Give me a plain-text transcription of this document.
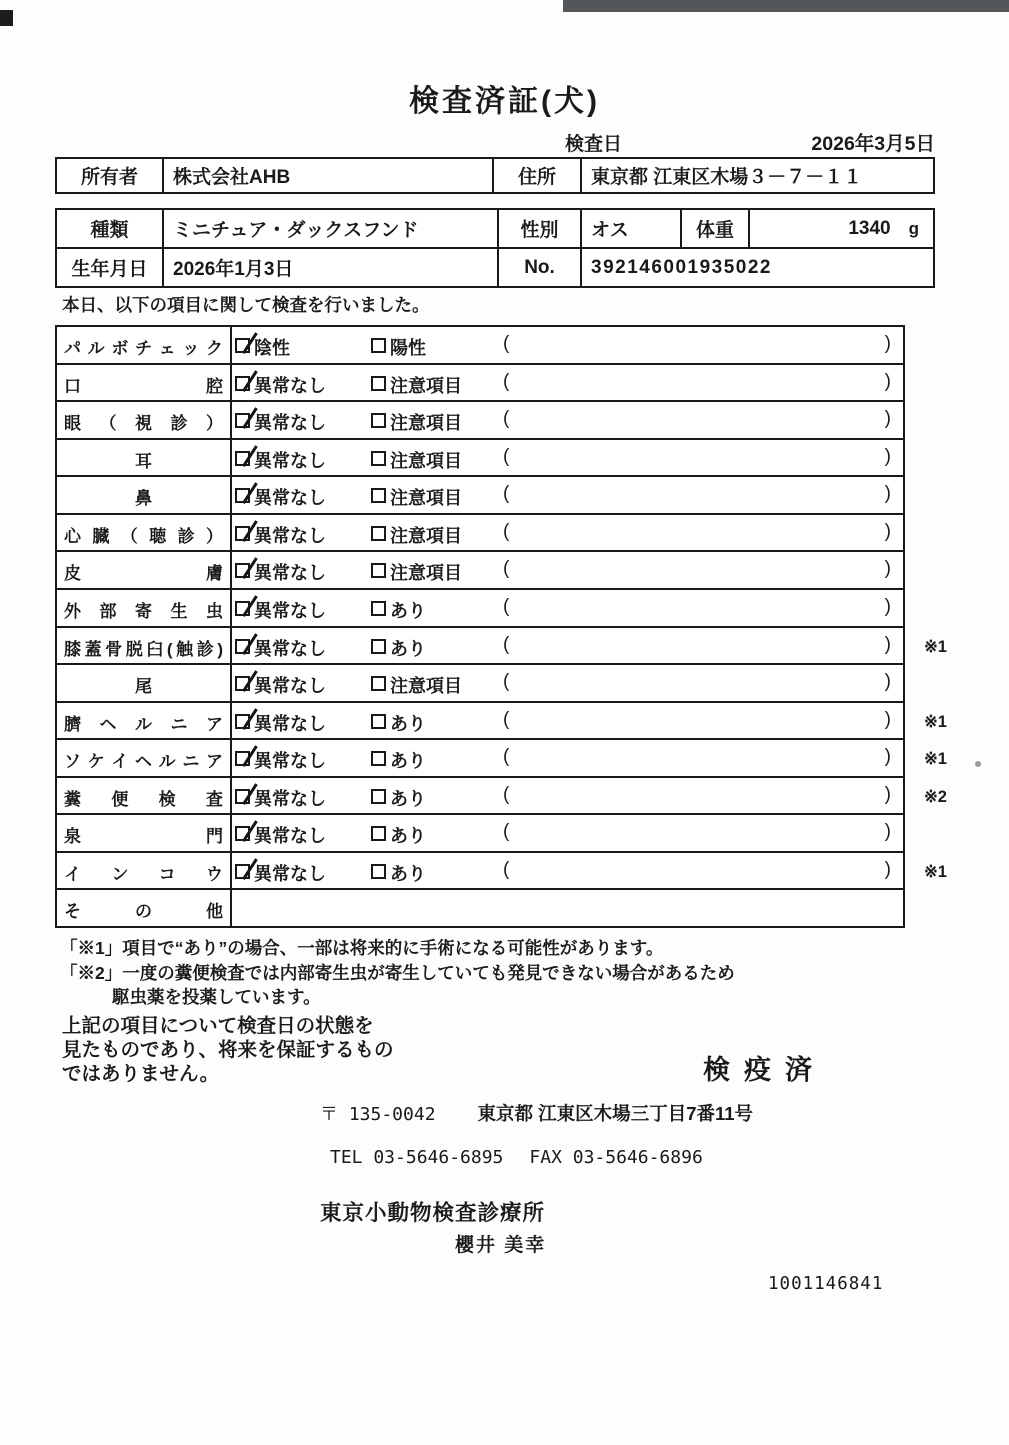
検査済証(犬)
検査日	2026年3月5日
所有者	株式会社AHB	住所	東京都 江東区木場３－７－１１
種類	ミニチュア・ダックスフンド	性別	オス	体重	1340 g
生年月日	2026年1月3日	No.	392146001935022
本日、以下の項目に関して検査を行いました。
パ ル ボ チ ェ ッ ク	陰性	陽性	(	)
口 腔	異常なし	注意項目 (	)
眼 （ 視 診 ）	異常なし	注意項目 (	)
耳	異常なし	注意項目 (	)
鼻	異常なし	注意項目 (	)
心 臓 （ 聴 診 ）	異常なし	注意項目 (	)
皮 膚	異常なし	注意項目 (	)
外 部 寄 生 虫	異常なし	あり	(	)
膝蓋骨脱臼(触診)	異常なし	あり	(	) ※1
尾	異常なし	注意項目 (	)
臍 ヘ ル ニ ア	異常なし	あり	(	) ※1
ソ ケ イ ヘ ル ニ ア	異常なし	あり	(	) ※1
糞 便 検 査	異常なし	あり	(	) ※2
泉 門	異常なし	あり	(	)
イ ン コ ウ	異常なし	あり	(	) ※1
そ の 他
「※1」項目で“あり”の場合、一部は将来的に手術になる可能性があります。
「※2」一度の糞便検査では内部寄生虫が寄生していても発見できない場合があるため
駆虫薬を投薬しています。
上記の項目について検査日の状態を
見たものであり、将来を保証するもの
ではありません。	検疫済
〒 135-0042 東京都 江東区木場三丁目7番11号
TEL 03-5646-6895 FAX 03-5646-6896
東京小動物検査診療所
櫻井 美幸
1001146841
